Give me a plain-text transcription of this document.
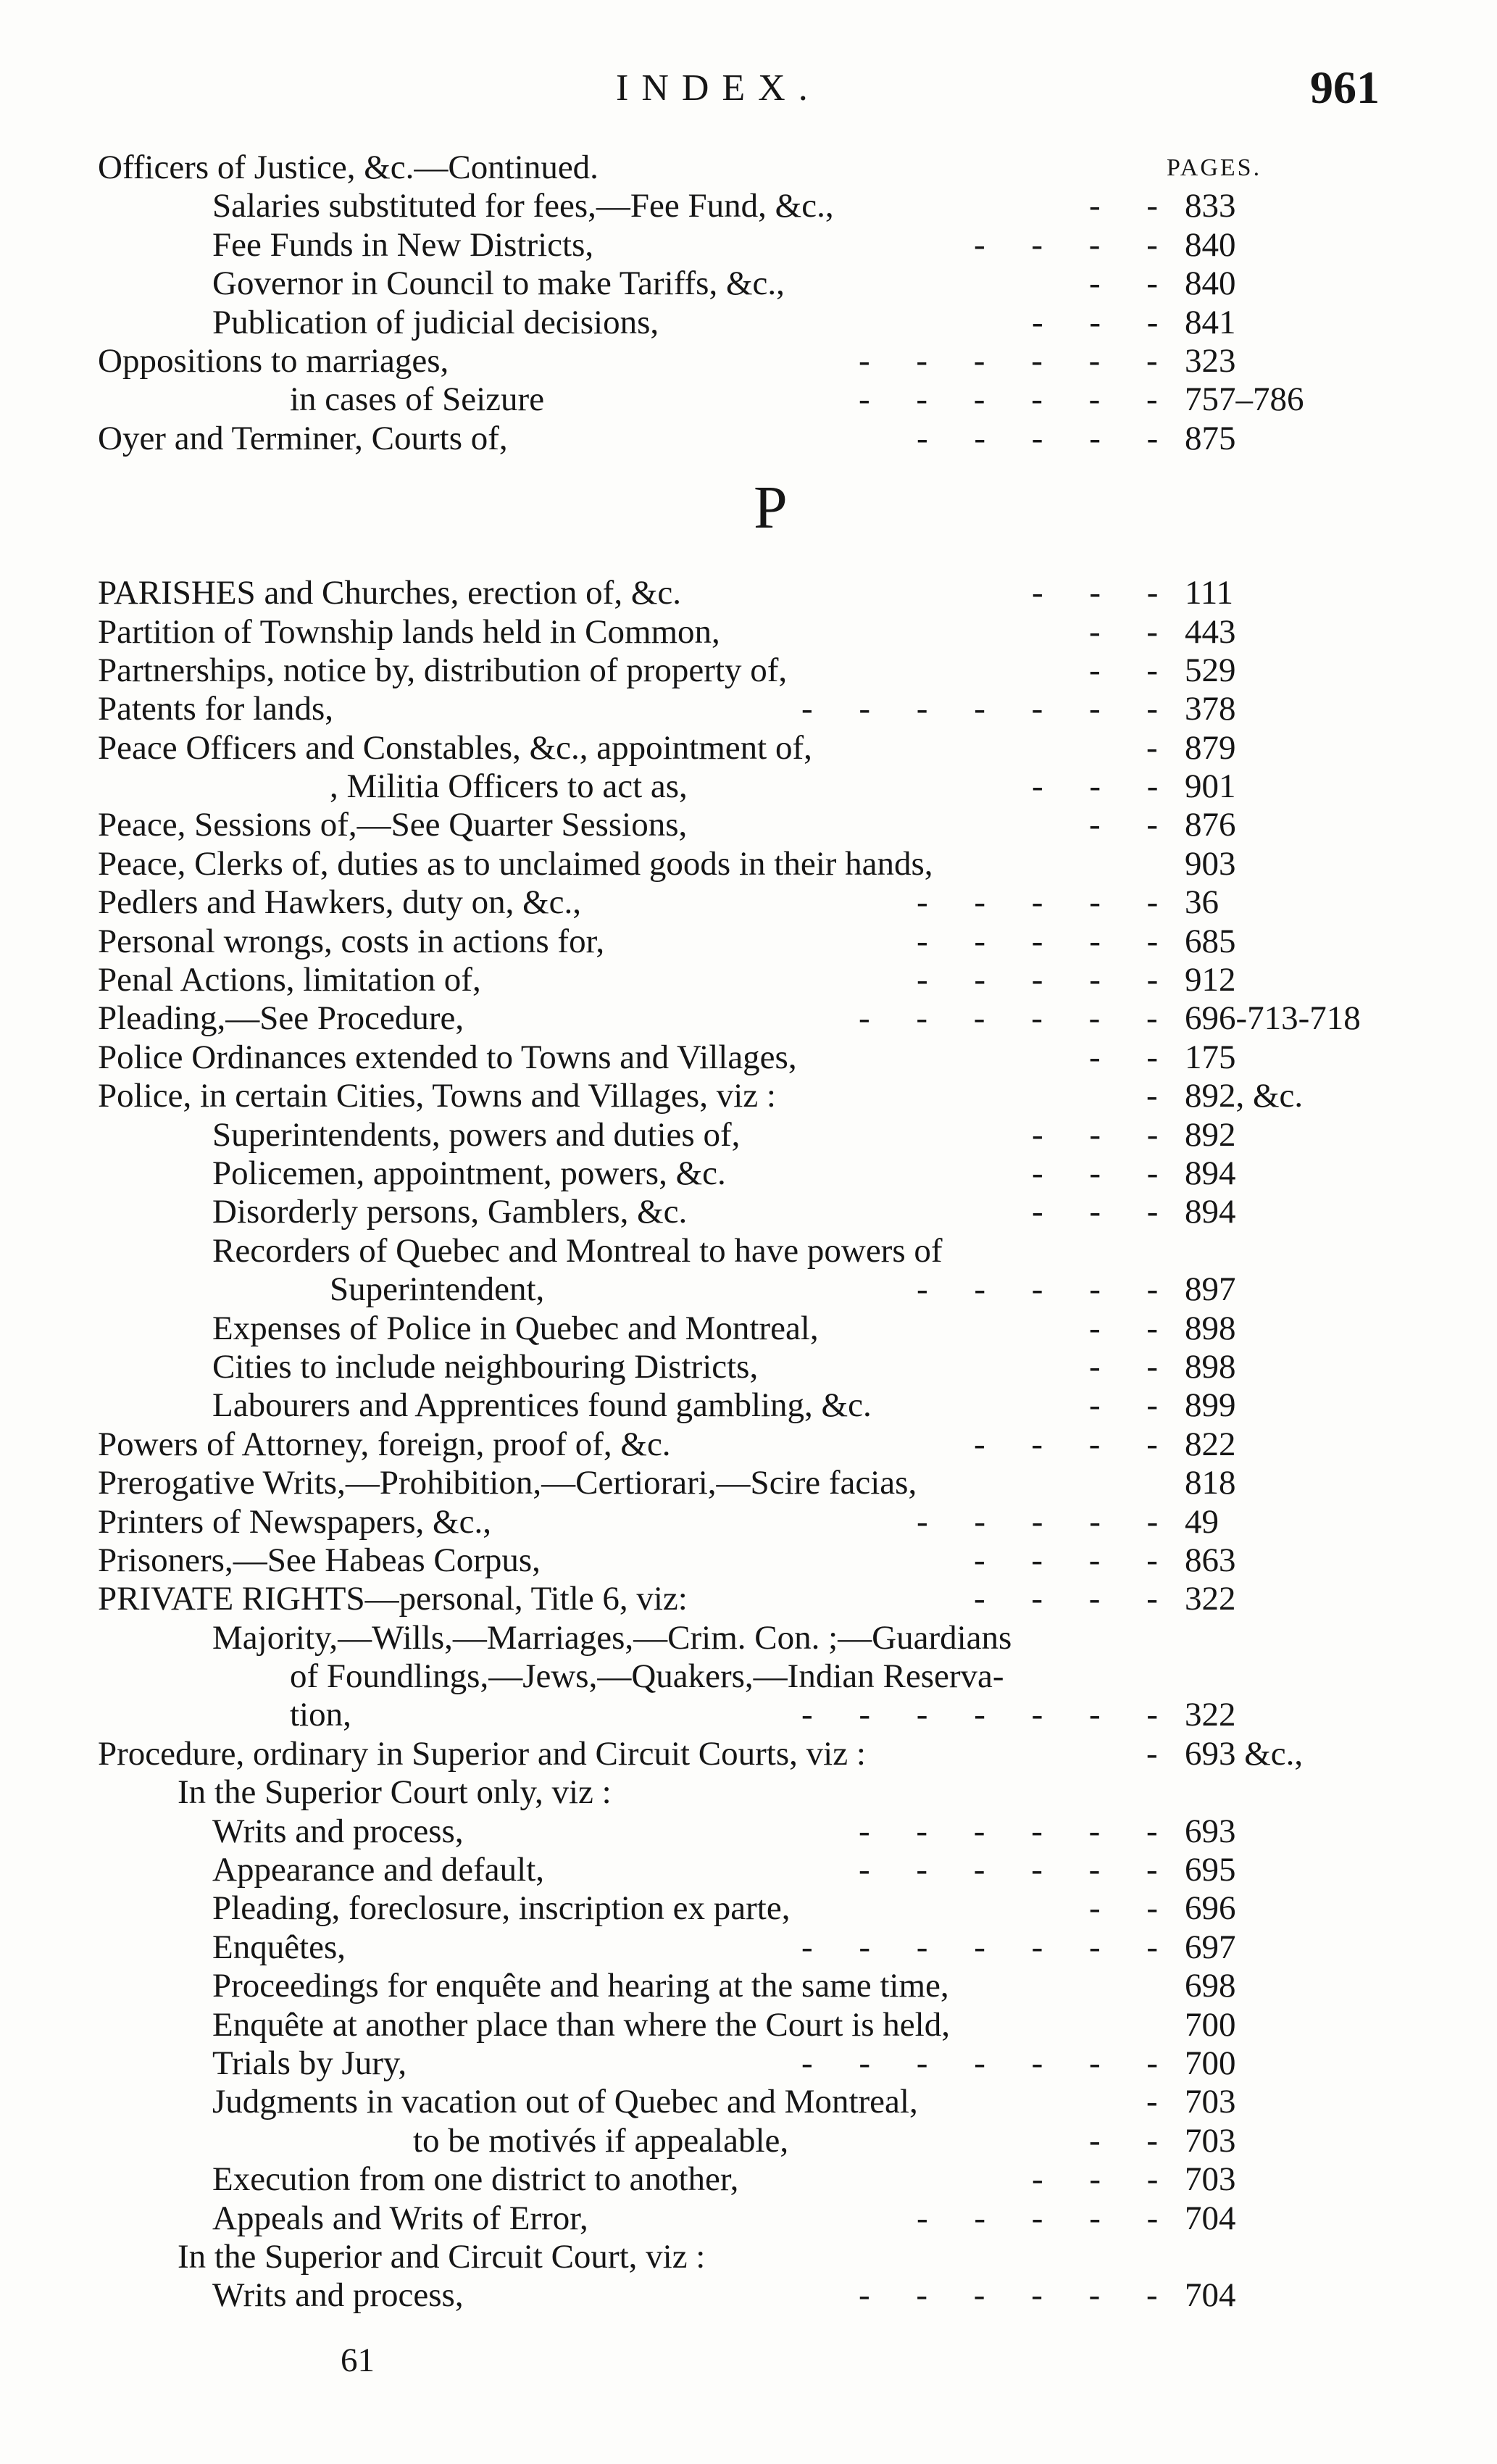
INDEX.	961
Officers of Justice, &c.—Continued.	PAGES.
Salaries substituted for fees,—Fee Fund, &c.,	- - 833
Fee Funds in New Districts,	- - - - 840
Governor in Council to make Tariffs, &c.,	- - 840
Publication of judicial decisions,	- - - 841
Oppositions to marriages,	- - - - - - 323
in cases of Seizure	- - - - - - 757–786
Oyer and Terminer, Courts of,	- - - - - 875
P
PARISHES and Churches, erection of, &c.	- - - 111
Partition of Township lands held in Common,	- - 443
Partnerships, notice by, distribution of property of,	- - 529
Patents for lands,	- - - - - - - 378
Peace Officers and Constables, &c., appointment of,	- 879
, Militia Officers to act as,	- - - 901
Peace, Sessions of,—See Quarter Sessions,	- - 876
Peace, Clerks of, duties as to unclaimed goods in their hands,	903
Pedlers and Hawkers, duty on, &c.,	- - - - - 36
Personal wrongs, costs in actions for,	- - - - - 685
Penal Actions, limitation of,	- - - - - 912
Pleading,—See Procedure,	- - - - - - 696-713-718
Police Ordinances extended to Towns and Villages,	- - 175
Police, in certain Cities, Towns and Villages, viz :	- 892, &c.
Superintendents, powers and duties of,	- - - 892
Policemen, appointment, powers, &c.	- - - 894
Disorderly persons, Gamblers, &c.	- - - 894
Recorders of Quebec and Montreal to have powers of
Superintendent,	- - - - - 897
Expenses of Police in Quebec and Montreal,	- - 898
Cities to include neighbouring Districts,	- - 898
Labourers and Apprentices found gambling, &c.	- - 899
Powers of Attorney, foreign, proof of, &c.	- - - - 822
Prerogative Writs,—Prohibition,—Certiorari,—Scire facias,	818
Printers of Newspapers, &c.,	- - - - - 49
Prisoners,—See Habeas Corpus,	- - - - 863
PRIVATE RIGHTS—personal, Title 6, viz:	- - - - 322
Majority,—Wills,—Marriages,—Crim. Con. ;—Guardians
of Foundlings,—Jews,—Quakers,—Indian Reserva-
tion,	- - - - - - - 322
Procedure, ordinary in Superior and Circuit Courts, viz :	- 693 &c.,
In the Superior Court only, viz :
Writs and process,	- - - - - - 693
Appearance and default,	- - - - - - 695
Pleading, foreclosure, inscription ex parte,	- - 696
Enquêtes,	- - - - - - - 697
Proceedings for enquête and hearing at the same time,	698
Enquête at another place than where the Court is held,	700
Trials by Jury,	- - - - - - - 700
Judgments in vacation out of Quebec and Montreal,	- 703
to be motivés if appealable,	- - 703
Execution from one district to another,	- - - 703
Appeals and Writs of Error,	- - - - - 704
In the Superior and Circuit Court, viz :
Writs and process,	- - - - - - 704
61
